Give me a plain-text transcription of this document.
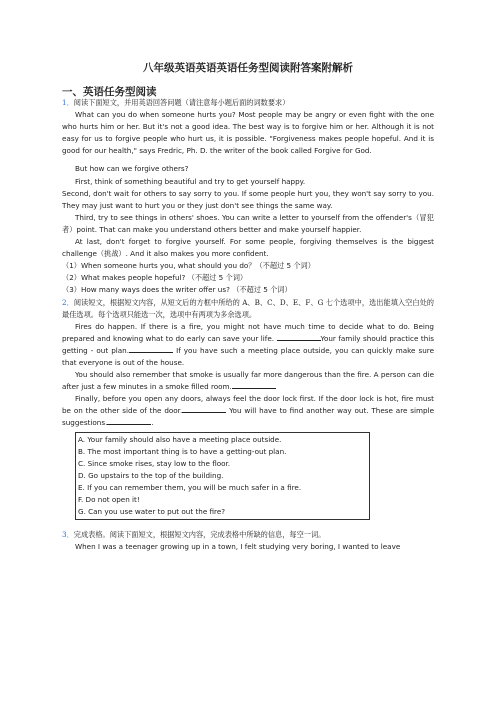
八年级英语英语英语任务型阅读附答案附解析
一、英语任务型阅读

1．阅读下面短文，并用英语回答问题（请注意每小题后面的词数要求）

What can you do when someone hurts you? Most people may be angry or even fight with the one who hurts him or her. But it's not a good idea. The best way is to forgive him or her. Although it is not easy for us to forgive people who hurt us, it is possible. "Forgiveness makes people hopeful. And it is good for our health," says Fredric, Ph. D. the writer of the book called Forgive for God.

But how can we forgive others?

First, think of something beautiful and try to get yourself happy.

Second, don't wait for others to say sorry to you. If some people hurt you, they won't say sorry to you. They may just want to hurt you or they just don't see things the same way.

Third, try to see things in others' shoes. You can write a letter to yourself from the offender's（冒犯者）point. That can make you understand others better and make yourself happier.

At last, don't forget to forgive yourself. For some people, forgiving themselves is the biggest challenge（挑战）. And it also makes you more confident.

（1）When someone hurts you, what should you do？（不超过 5 个词）

（2）What makes people hopeful? （不超过 5 个词）

（3）How many ways does the writer offer us? （不超过 5 个词）

2．阅读短文，根据短文内容，从短文后的方框中所给的 A、B、C、D、E、F、G 七个选项中，选出能填入空白处的最佳选项。每个选项只能选一次，选项中有两项为多余选项。

Fires do happen. If there is a fire, you might not have much time to decide what to do. Being prepared and knowing what to do early can save your life.	Your family should practice this getting - out plan.	If you have such a meeting place outside, you can quickly make sure that everyone is out of the house.

You should also remember that smoke is usually far more dangerous than the fire. A person can die after just a few minutes in a smoke filled room.

Finally, before you open any doors, always feel the door lock first. If the door lock is hot, fire must be on the other side of the door.	You will have to find another way out. These are simple suggestions.	.

A. Your family should also have a meeting place outside.
B. The most important thing is to have a getting-out plan.
C. Since smoke rises, stay low to the floor.
D. Go upstairs to the top of the building.
E. If you can remember them, you will be much safer in a fire.
F. Do not open it!
G. Can you use water to put out the fire?

3．完成表格。阅读下面短文，根据短文内容，完成表格中所缺的信息，每空一词。

When I was a teenager growing up in a town, I felt studying very boring, I wanted to leave
